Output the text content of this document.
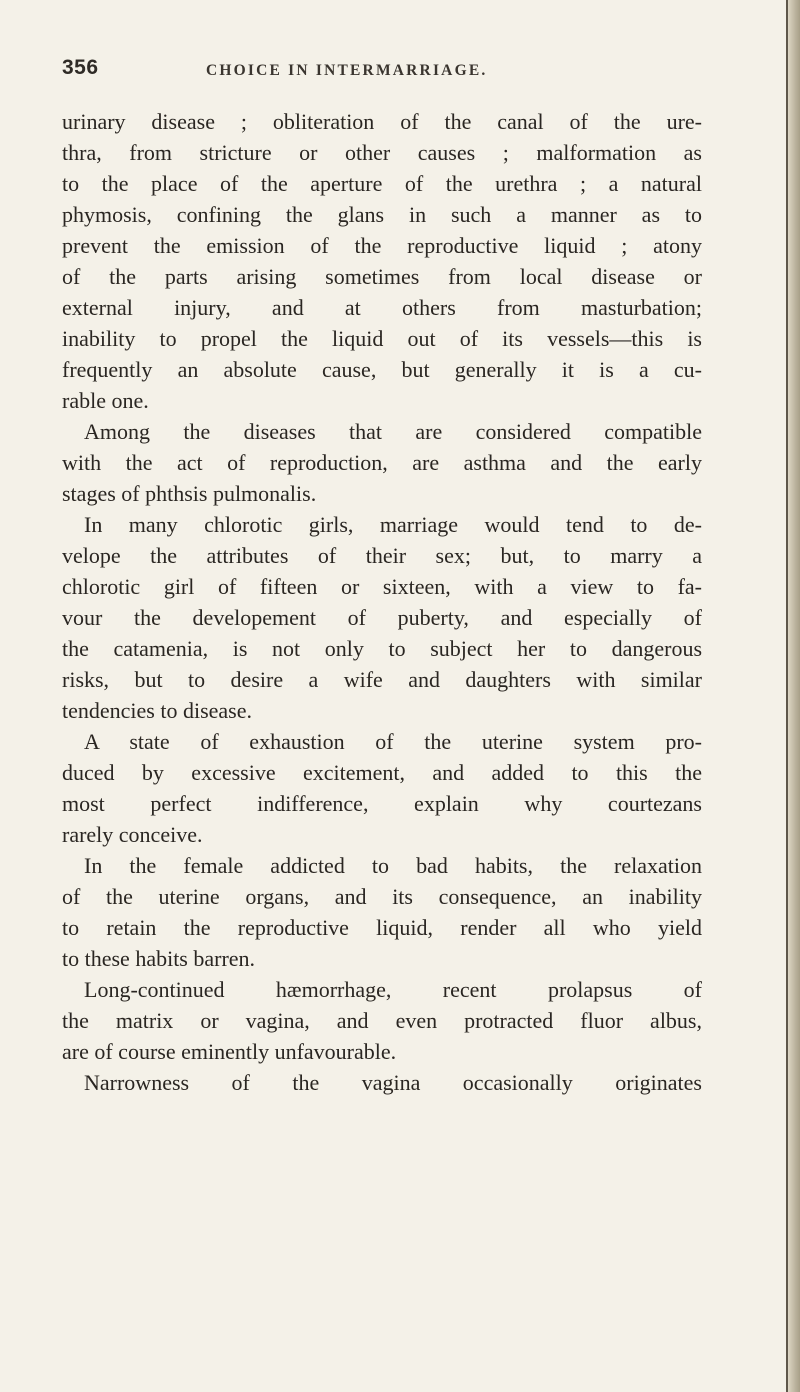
356	CHOICE IN INTERMARRIAGE.
urinary disease ; obliteration of the canal of the ure-
thra, from stricture or other causes ; malformation as
to the place of the aperture of the urethra ; a natural
phymosis, confining the glans in such a manner as to
prevent the emission of the reproductive liquid ; atony
of the parts arising sometimes from local disease or
external injury, and at others from masturbation;
inability to propel the liquid out of its vessels—this is
frequently an absolute cause, but generally it is a cu-
rable one.
Among the diseases that are considered compatible
with the act of reproduction, are asthma and the early
stages of phthsis pulmonalis.
In many chlorotic girls, marriage would tend to de-
velope the attributes of their sex; but, to marry a
chlorotic girl of fifteen or sixteen, with a view to fa-
vour the developement of puberty, and especially of
the catamenia, is not only to subject her to dangerous
risks, but to desire a wife and daughters with similar
tendencies to disease.
A state of exhaustion of the uterine system pro-
duced by excessive excitement, and added to this the
most perfect indifference, explain why courtezans
rarely conceive.
In the female addicted to bad habits, the relaxation
of the uterine organs, and its consequence, an inability
to retain the reproductive liquid, render all who yield
to these habits barren.
Long-continued hæmorrhage, recent prolapsus of
the matrix or vagina, and even protracted fluor albus,
are of course eminently unfavourable.
Narrowness of the vagina occasionally originates
